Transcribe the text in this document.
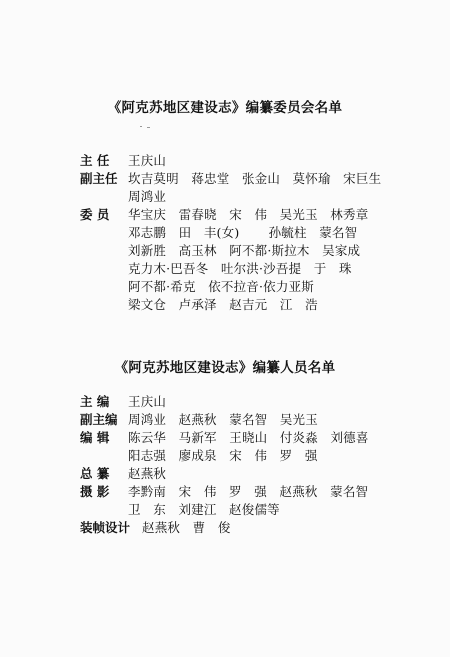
《阿克苏地区建设志》编纂委员会名单
主 任	王庆山
副主任 坎吉莫明   蒋忠堂   张金山   莫怀瑜   宋巨生
周鸿业
委 员	华宝庆   雷春晓   宋   伟   吴光玉   林秀章
邓志鹏   田   丰(女)       孙毓柱   蒙名智
刘新胜   高玉林   阿不都·斯拉木   吴家成
克力木·巴吾冬   吐尔洪·沙吾提   于   珠
阿不都·希克   依不拉音·依力亚斯
梁文仓   卢承泽   赵吉元   江   浩
《阿克苏地区建设志》编纂人员名单
主 编	王庆山
副主编 周鸿业   赵燕秋   蒙名智   吴光玉
编 辑	陈云华   马新军   王晓山   付炎淼   刘德喜
阳志强   廖成泉   宋   伟   罗   强
总 纂	赵燕秋
摄 影	李黔南   宋   伟   罗   强   赵燕秋   蒙名智
卫   东   刘建江   赵俊儒等
装帧设计 赵燕秋   曹   俊
